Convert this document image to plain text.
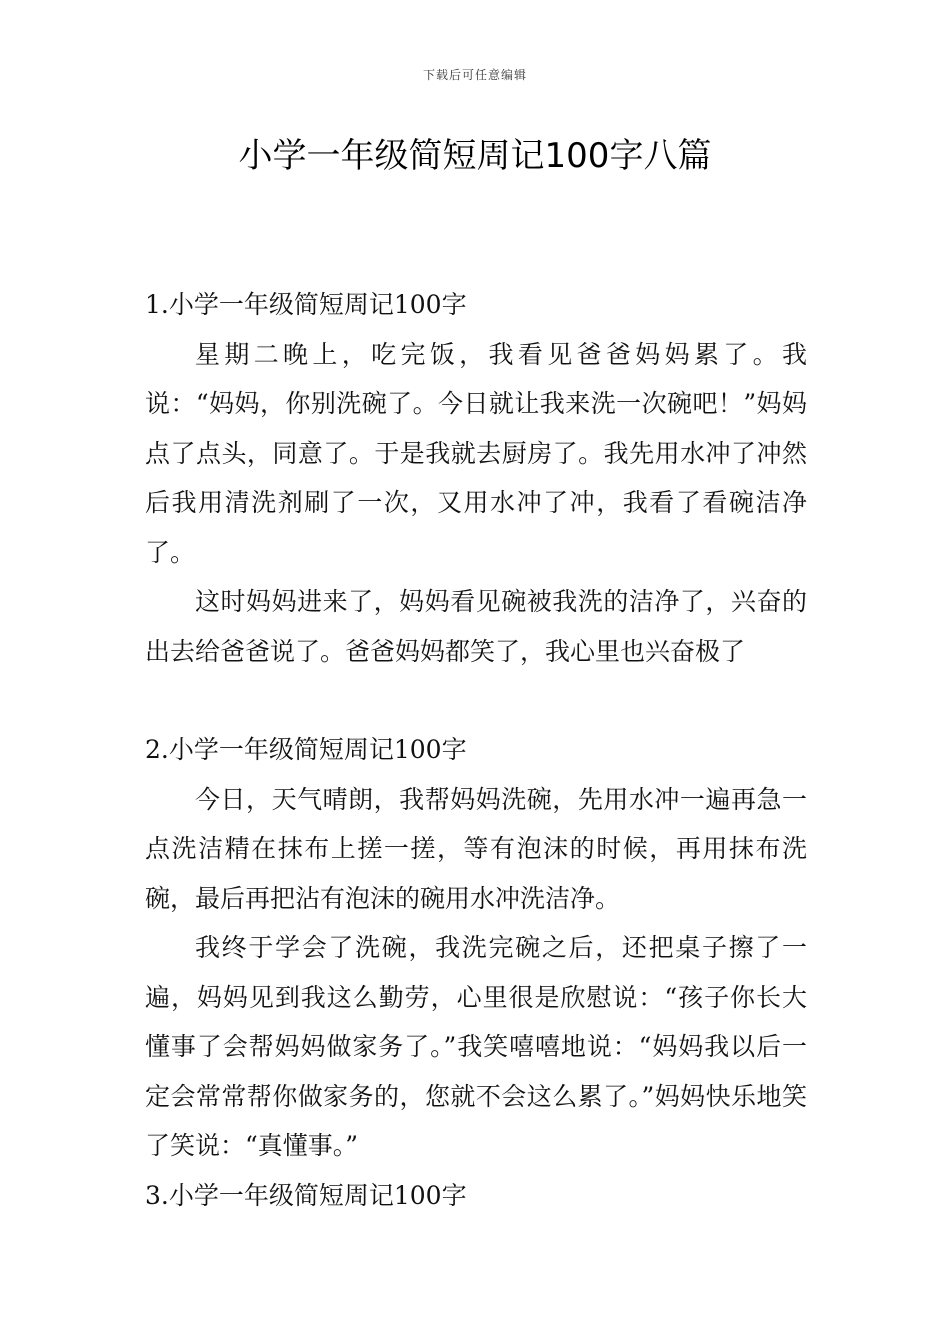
下载后可任意编辑
小学一年级简短周记100字八篇
1.小学一年级简短周记100字

星期二晚上，吃完饭，我看见爸爸妈妈累了。我说：“妈妈，你别洗碗了。今日就让我来洗一次碗吧！”妈妈点了点头，同意了。于是我就去厨房了。我先用水冲了冲然后我用清洗剂刷了一次，又用水冲了冲，我看了看碗洁净了。

这时妈妈进来了，妈妈看见碗被我洗的洁净了，兴奋的出去给爸爸说了。爸爸妈妈都笑了，我心里也兴奋极了

2.小学一年级简短周记100字

今日，天气晴朗，我帮妈妈洗碗，先用水冲一遍再急一点洗洁精在抹布上搓一搓，等有泡沫的时候，再用抹布洗碗，最后再把沾有泡沫的碗用水冲洗洁净。

我终于学会了洗碗，我洗完碗之后，还把桌子擦了一遍，妈妈见到我这么勤劳，心里很是欣慰说：“孩子你长大懂事了会帮妈妈做家务了。”我笑嘻嘻地说：“妈妈我以后一定会常常帮你做家务的，您就不会这么累了。”妈妈快乐地笑了笑说：“真懂事。”

3.小学一年级简短周记100字
